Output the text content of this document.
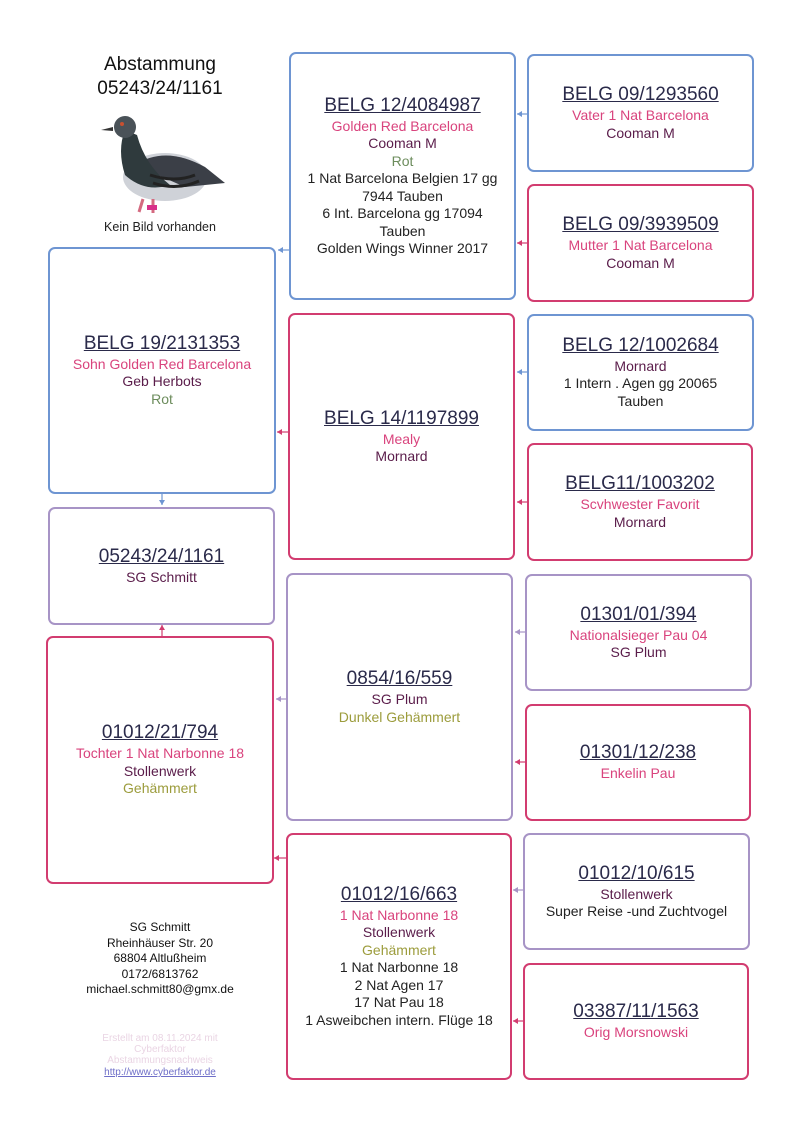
Abstammung
05243/24/1161
Kein Bild vorhanden
SG Schmitt
Rheinhäuser Str. 20
68804 Altlußheim
0172/6813762
michael.schmitt80@gmx.de
Erstellt am 08.11.2024 mit
Cyberfaktor
Abstammungsnachweis
http://www.cyberfaktor.de
BELG 19/2131353
Sohn Golden Red Barcelona
Geb Herbots
Rot
05243/24/1161
SG Schmitt
01012/21/794
Tochter 1 Nat Narbonne 18
Stollenwerk
Gehämmert
BELG 12/4084987
Golden Red Barcelona
Cooman M
Rot
1 Nat Barcelona Belgien 17 gg
7944 Tauben
6 Int. Barcelona gg 17094
Tauben
Golden Wings Winner 2017
BELG 14/1197899
Mealy
Mornard
0854/16/559
SG Plum
Dunkel Gehämmert
01012/16/663
1 Nat Narbonne 18
Stollenwerk
Gehämmert
1 Nat Narbonne 18
2 Nat Agen 17
17 Nat Pau 18
1 Asweibchen intern. Flüge 18
BELG 09/1293560
Vater 1 Nat Barcelona
Cooman M
BELG 09/3939509
Mutter 1 Nat Barcelona
Cooman M
BELG 12/1002684
Mornard
1 Intern . Agen gg 20065
Tauben
BELG11/1003202
Scvhwester Favorit
Mornard
01301/01/394
Nationalsieger Pau 04
SG Plum
01301/12/238
Enkelin Pau
01012/10/615
Stollenwerk
Super Reise -und Zuchtvogel
03387/11/1563
Orig Morsnowski
